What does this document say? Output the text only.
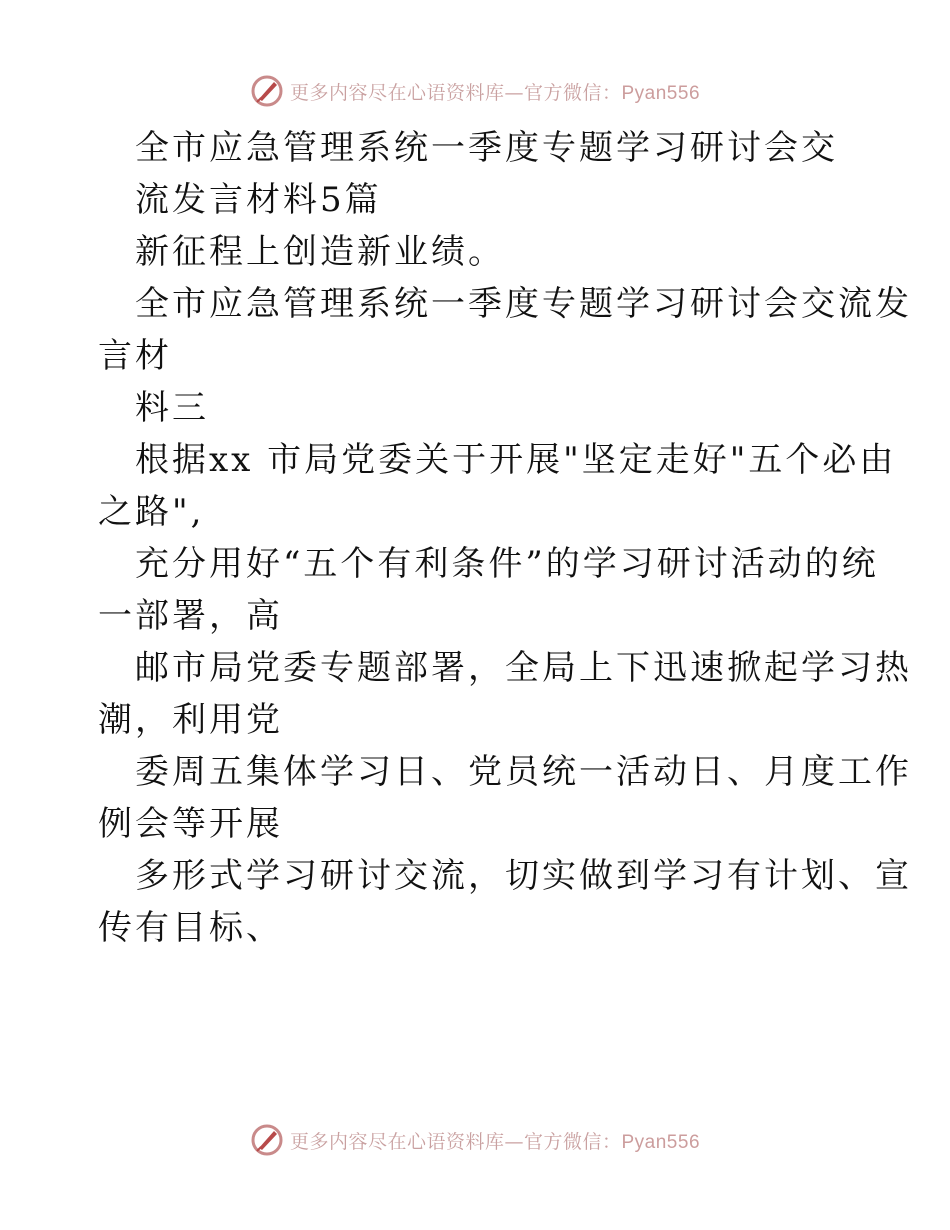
更多内容尽在心语资料库—官方微信：Pyan556
全市应急管理系统一季度专题学习研讨会交
流发言材料5篇
新征程上创造新业绩。
全市应急管理系统一季度专题学习研讨会交流发
言材
料三
根据xx 市局党委关于开展"坚定走好"五个必由
之路",
充分用好“五个有利条件”的学习研讨活动的统
一部署，高
邮市局党委专题部署，全局上下迅速掀起学习热
潮，利用党
委周五集体学习日、党员统一活动日、月度工作
例会等开展
多形式学习研讨交流，切实做到学习有计划、宣
传有目标、
更多内容尽在心语资料库—官方微信：Pyan556
